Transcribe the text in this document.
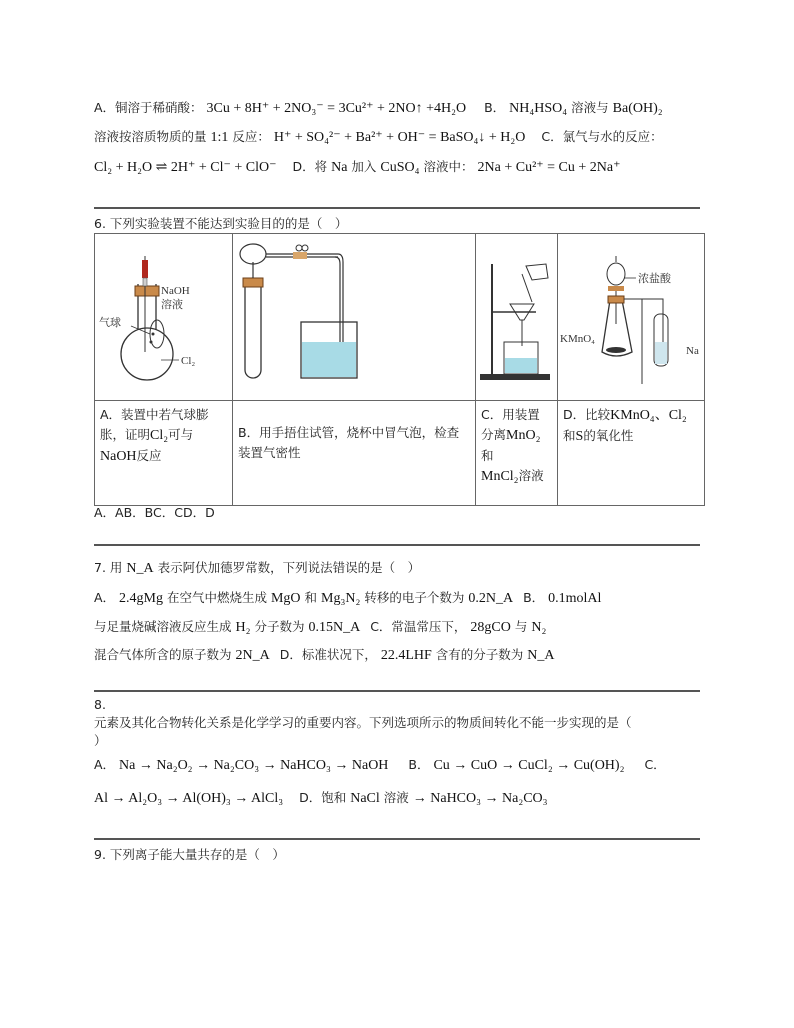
A．铜溶于稀硝酸： 3Cu + 8H⁺ + 2NO₃⁻ = 3Cu²⁺ + 2NO↑ +4H₂O B． NH₄HSO₄ 溶液与 Ba(OH)₂
溶液按溶质物质的量 1:1 反应： H⁺ + SO₄²⁻ + Ba²⁺ + OH⁻ = BaSO₄↓ + H₂O C．氯气与水的反应：
Cl₂ + H₂O ⇌ 2H⁺ + Cl⁻ + ClO⁻ D．将 Na 加入 CuSO₄ 溶液中： 2Na + Cu²⁺ = Cu + 2Na⁺
6. 下列实验装置不能达到实验目的的是（　）
NaOH
溶液
气球
Cl₂			浓盐酸
KMnO₄
Na

A．装置中若气球膨胀，证明Cl₂可与
NaOH反应	B．用手捂住试管，烧杯中冒气泡，检查装置气密性	C．用装置分离MnO₂和
MnCl₂溶液	D．比较KMnO₄、Cl₂
和S的氧化性
A．AB．BC．CD．D
7. 用 N_A 表示阿伏加德罗常数，下列说法错误的是（　）
A． 2.4gMg 在空气中燃烧生成 MgO 和 Mg₃N₂ 转移的电子个数为 0.2N_A B． 0.1molAl
与足量烧碱溶液反应生成 H₂ 分子数为 0.15N_A C．常温常压下， 28gCO 与 N₂
混合气体所含的原子数为 2N_A D．标准状况下， 22.4LHF 含有的分子数为 N_A
8.
元素及其化合物转化关系是化学学习的重要内容。下列选项所示的物质间转化不能一步实现的是（
）
A． Na → Na₂O₂ → Na₂CO₃ → NaHCO₃ → NaOH B． Cu → CuO → CuCl₂ → Cu(OH)₂ C．
Al → Al₂O₃ → Al(OH)₃ → AlCl₃ D．饱和 NaCl 溶液 → NaHCO₃ → Na₂CO₃
9. 下列离子能大量共存的是（　）
